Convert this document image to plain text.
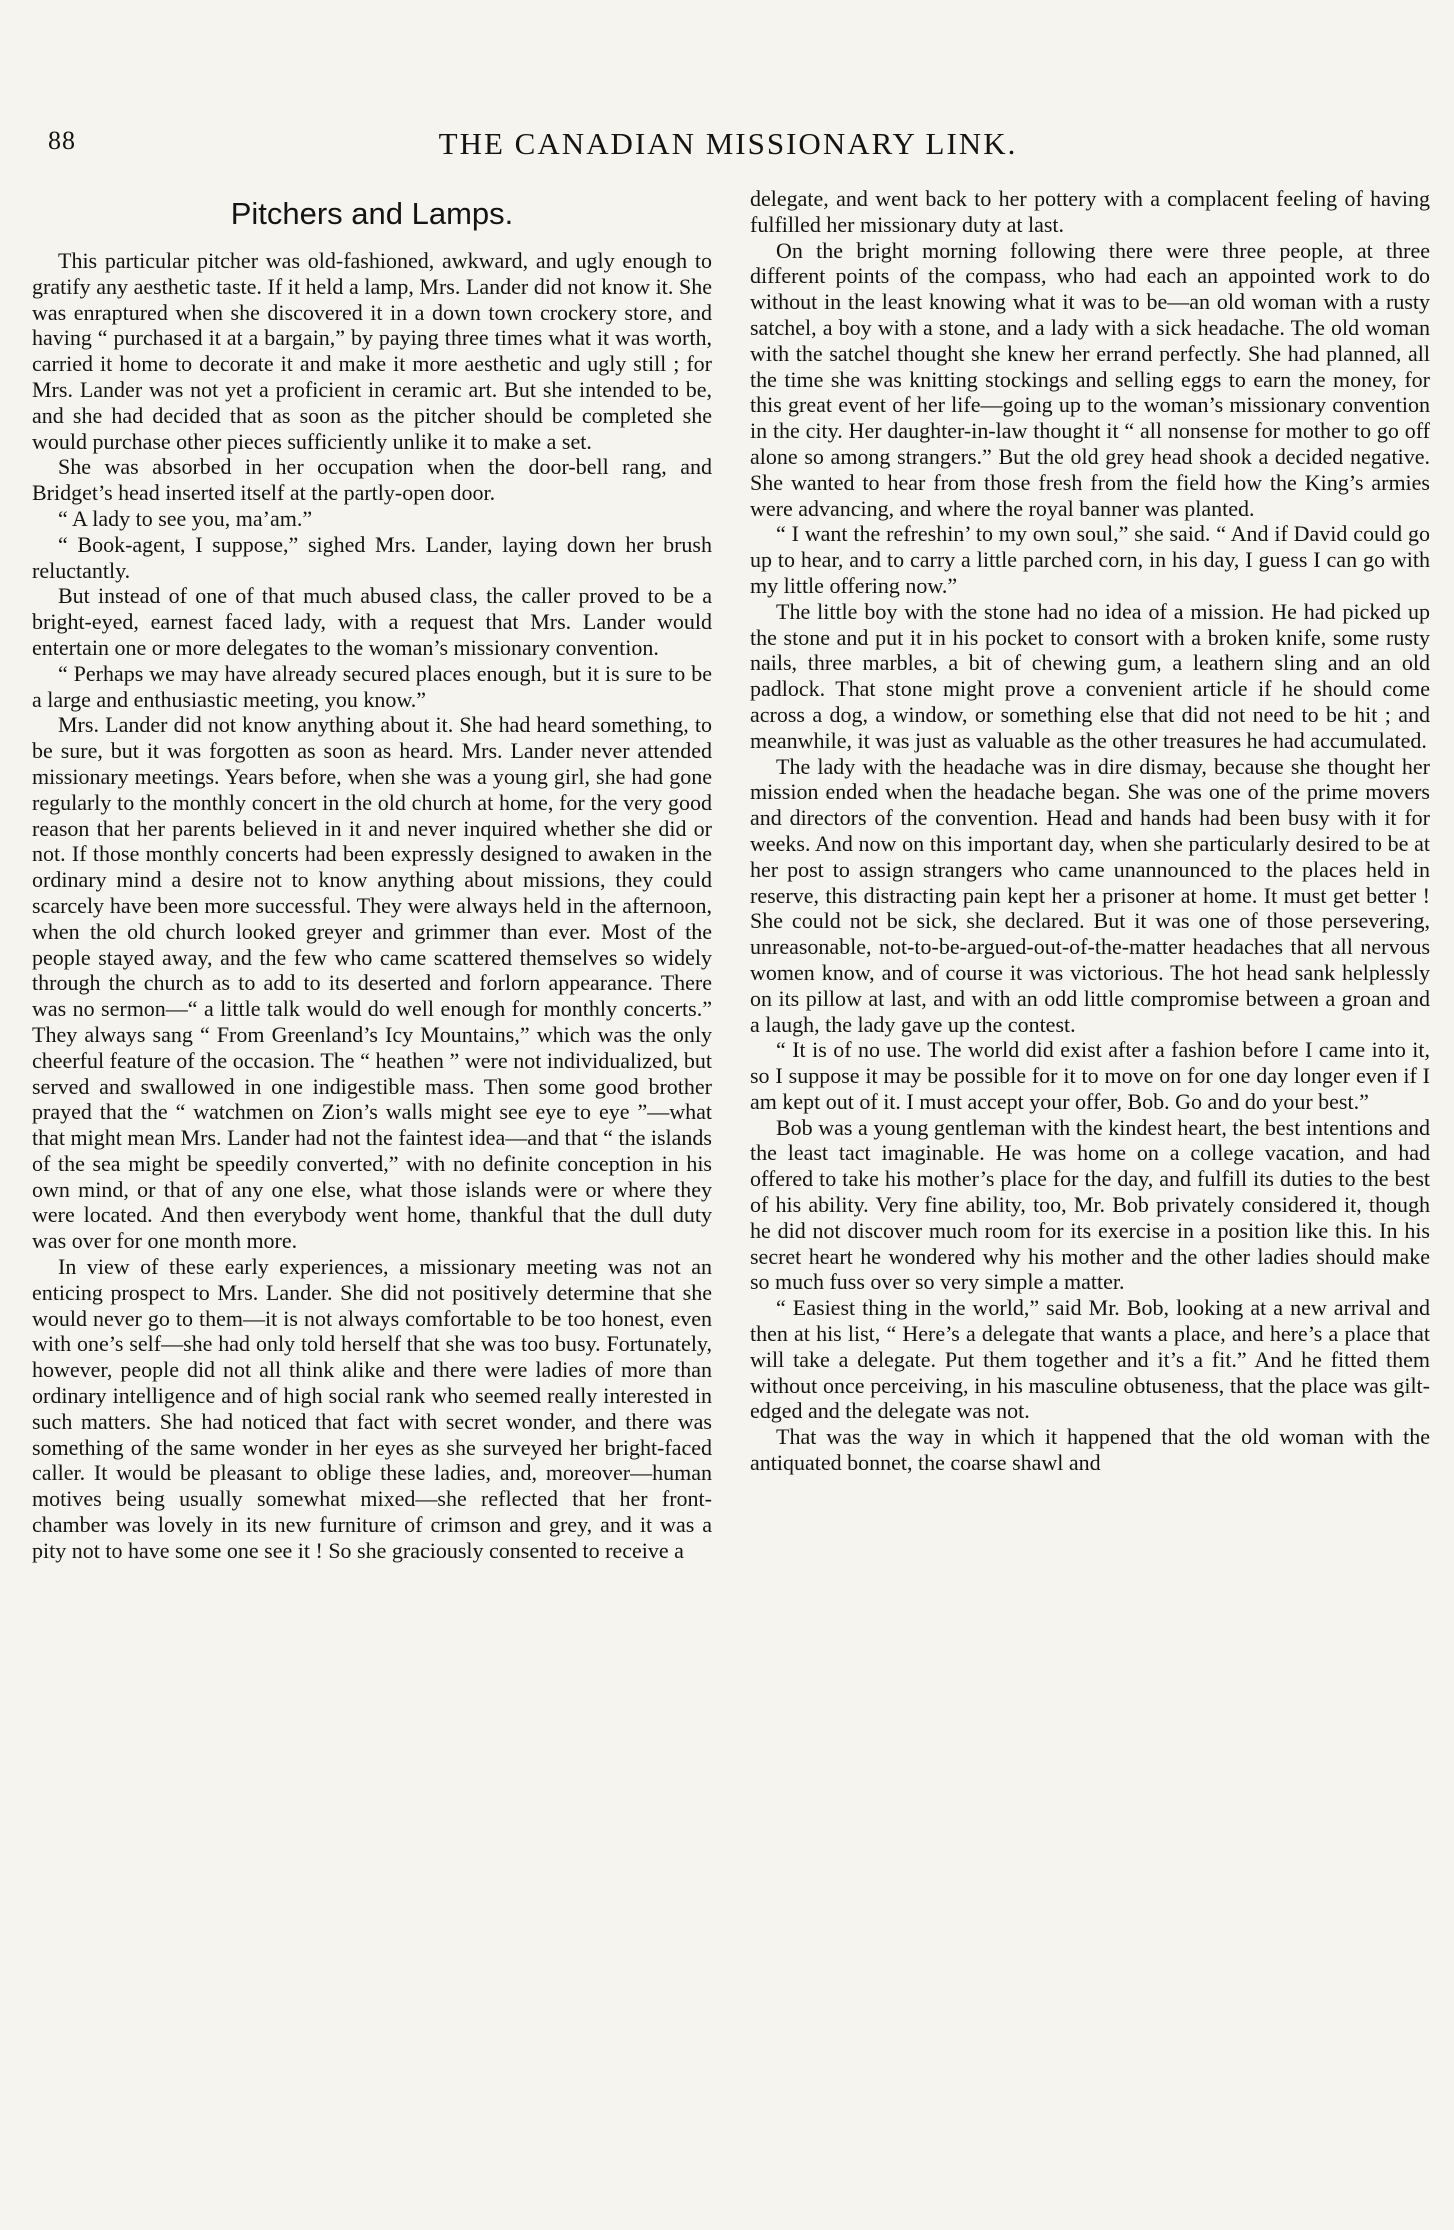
88	THE CANADIAN MISSIONARY LINK.
Pitchers and Lamps.

This particular pitcher was old-fashioned, awkward, and ugly enough to gratify any aesthetic taste. If it held a lamp, Mrs. Lander did not know it. She was enraptured when she discovered it in a down town crockery store, and having “ purchased it at a bargain,” by paying three times what it was worth, carried it home to decorate it and make it more aesthetic and ugly still ; for Mrs. Lander was not yet a proficient in ceramic art. But she intended to be, and she had decided that as soon as the pitcher should be completed she would purchase other pieces sufficiently unlike it to make a set.

She was absorbed in her occupation when the door-bell rang, and Bridget’s head inserted itself at the partly-open door.

“ A lady to see you, ma’am.”

“ Book-agent, I suppose,” sighed Mrs. Lander, laying down her brush reluctantly.

But instead of one of that much abused class, the caller proved to be a bright-eyed, earnest faced lady, with a request that Mrs. Lander would entertain one or more delegates to the woman’s missionary convention.

“ Perhaps we may have already secured places enough, but it is sure to be a large and enthusiastic meeting, you know.”

Mrs. Lander did not know anything about it. She had heard something, to be sure, but it was forgotten as soon as heard. Mrs. Lander never attended missionary meetings. Years before, when she was a young girl, she had gone regularly to the monthly concert in the old church at home, for the very good reason that her parents believed in it and never inquired whether she did or not. If those monthly concerts had been expressly designed to awaken in the ordinary mind a desire not to know anything about missions, they could scarcely have been more successful. They were always held in the afternoon, when the old church looked greyer and grimmer than ever. Most of the people stayed away, and the few who came scattered themselves so widely through the church as to add to its deserted and forlorn appearance. There was no sermon—“ a little talk would do well enough for monthly concerts.” They always sang “ From Greenland’s Icy Mountains,” which was the only cheerful feature of the occasion. The “ heathen ” were not individualized, but served and swallowed in one indigestible mass. Then some good brother prayed that the “ watchmen on Zion’s walls might see eye to eye ”—what that might mean Mrs. Lander had not the faintest idea—and that “ the islands of the sea might be speedily converted,” with no definite conception in his own mind, or that of any one else, what those islands were or where they were located. And then everybody went home, thankful that the dull duty was over for one month more.

In view of these early experiences, a missionary meeting was not an enticing prospect to Mrs. Lander. She did not positively determine that she would never go to them—it is not always comfortable to be too honest, even with one’s self—she had only told herself that she was too busy. Fortunately, however, people did not all think alike and there were ladies of more than ordinary intelligence and of high social rank who seemed really interested in such matters. She had noticed that fact with secret wonder, and there was something of the same wonder in her eyes as she surveyed her bright-faced caller. It would be pleasant to oblige these ladies, and, moreover—human motives being usually somewhat mixed—she reflected that her front-chamber was lovely in its new furniture of crimson and grey, and it was a pity not to have some one see it ! So she graciously consented to receive a

delegate, and went back to her pottery with a complacent feeling of having fulfilled her missionary duty at last.

On the bright morning following there were three people, at three different points of the compass, who had each an appointed work to do without in the least knowing what it was to be—an old woman with a rusty satchel, a boy with a stone, and a lady with a sick headache. The old woman with the satchel thought she knew her errand perfectly. She had planned, all the time she was knitting stockings and selling eggs to earn the money, for this great event of her life—going up to the woman’s missionary convention in the city. Her daughter-in-law thought it “ all nonsense for mother to go off alone so among strangers.” But the old grey head shook a decided negative. She wanted to hear from those fresh from the field how the King’s armies were advancing, and where the royal banner was planted.

“ I want the refreshin’ to my own soul,” she said. “ And if David could go up to hear, and to carry a little parched corn, in his day, I guess I can go with my little offering now.”

The little boy with the stone had no idea of a mission. He had picked up the stone and put it in his pocket to consort with a broken knife, some rusty nails, three marbles, a bit of chewing gum, a leathern sling and an old padlock. That stone might prove a convenient article if he should come across a dog, a window, or something else that did not need to be hit ; and meanwhile, it was just as valuable as the other treasures he had accumulated.

The lady with the headache was in dire dismay, because she thought her mission ended when the headache began. She was one of the prime movers and directors of the convention. Head and hands had been busy with it for weeks. And now on this important day, when she particularly desired to be at her post to assign strangers who came unannounced to the places held in reserve, this distracting pain kept her a prisoner at home. It must get better ! She could not be sick, she declared. But it was one of those persevering, unreasonable, not-to-be-argued-out-of-the-matter headaches that all nervous women know, and of course it was victorious. The hot head sank helplessly on its pillow at last, and with an odd little compromise between a groan and a laugh, the lady gave up the contest.

“ It is of no use. The world did exist after a fashion before I came into it, so I suppose it may be possible for it to move on for one day longer even if I am kept out of it. I must accept your offer, Bob. Go and do your best.”

Bob was a young gentleman with the kindest heart, the best intentions and the least tact imaginable. He was home on a college vacation, and had offered to take his mother’s place for the day, and fulfill its duties to the best of his ability. Very fine ability, too, Mr. Bob privately considered it, though he did not discover much room for its exercise in a position like this. In his secret heart he wondered why his mother and the other ladies should make so much fuss over so very simple a matter.

“ Easiest thing in the world,” said Mr. Bob, looking at a new arrival and then at his list, “ Here’s a delegate that wants a place, and here’s a place that will take a delegate. Put them together and it’s a fit.” And he fitted them without once perceiving, in his masculine obtuseness, that the place was gilt-edged and the delegate was not.

That was the way in which it happened that the old woman with the antiquated bonnet, the coarse shawl and
